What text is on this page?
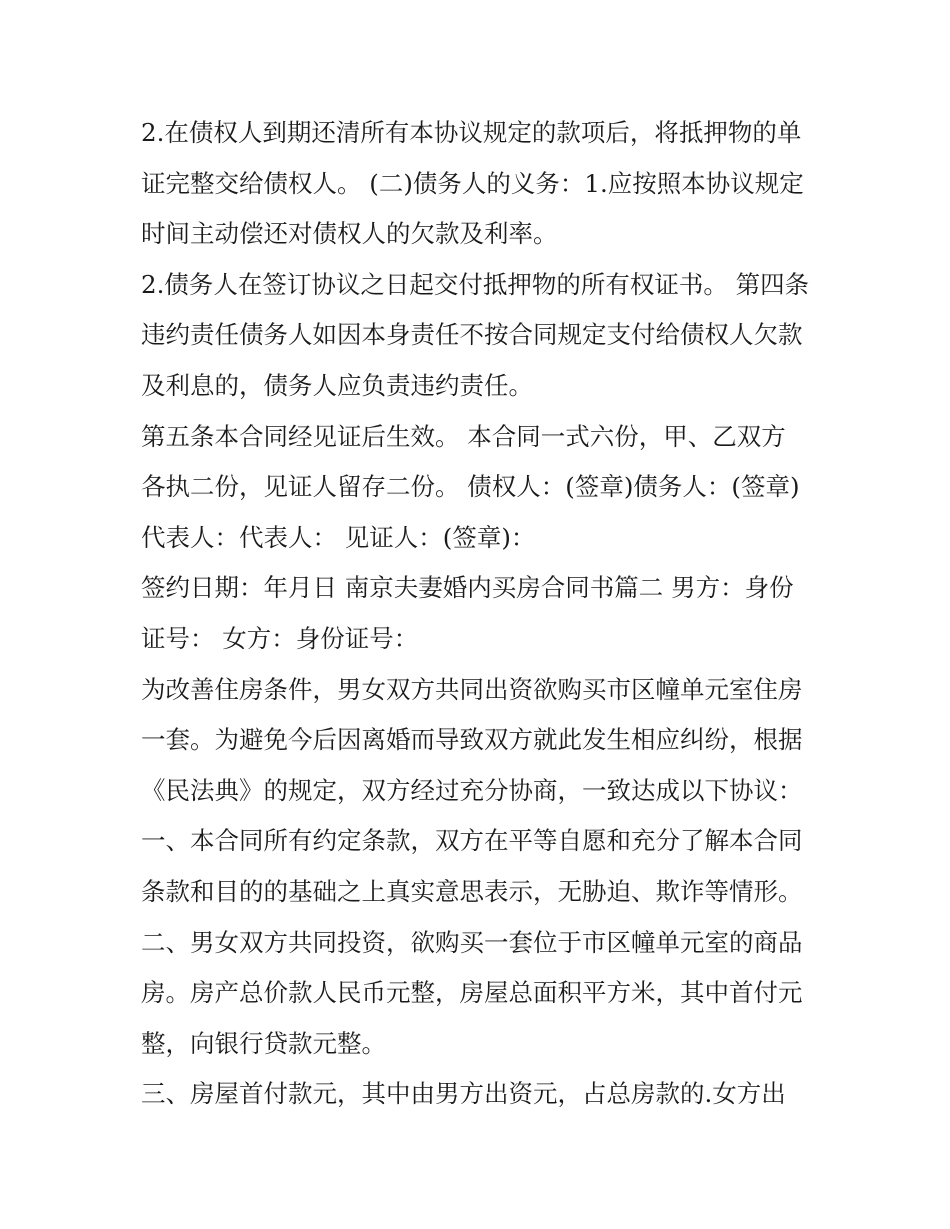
2.在债权人到期还清所有本协议规定的款项后，将抵押物的单
证完整交给债权人。 (二)债务人的义务：1.应按照本协议规定
时间主动偿还对债权人的欠款及利率。
2.债务人在签订协议之日起交付抵押物的所有权证书。 第四条
违约责任债务人如因本身责任不按合同规定支付给债权人欠款
及利息的，债务人应负责违约责任。
第五条本合同经见证后生效。 本合同一式六份，甲、乙双方
各执二份，见证人留存二份。 债权人：(签章)债务人：(签章)
代表人：代表人： 见证人：(签章)：
签约日期：年月日 南京夫妻婚内买房合同书篇二 男方：身份
证号： 女方：身份证号：
为改善住房条件，男女双方共同出资欲购买市区幢单元室住房
一套。为避免今后因离婚而导致双方就此发生相应纠纷，根据
《民法典》的规定，双方经过充分协商，一致达成以下协议：
一、本合同所有约定条款，双方在平等自愿和充分了解本合同
条款和目的的基础之上真实意思表示，无胁迫、欺诈等情形。
二、男女双方共同投资，欲购买一套位于市区幢单元室的商品
房。房产总价款人民币元整，房屋总面积平方米，其中首付元
整，向银行贷款元整。
三、房屋首付款元，其中由男方出资元，占总房款的.女方出
